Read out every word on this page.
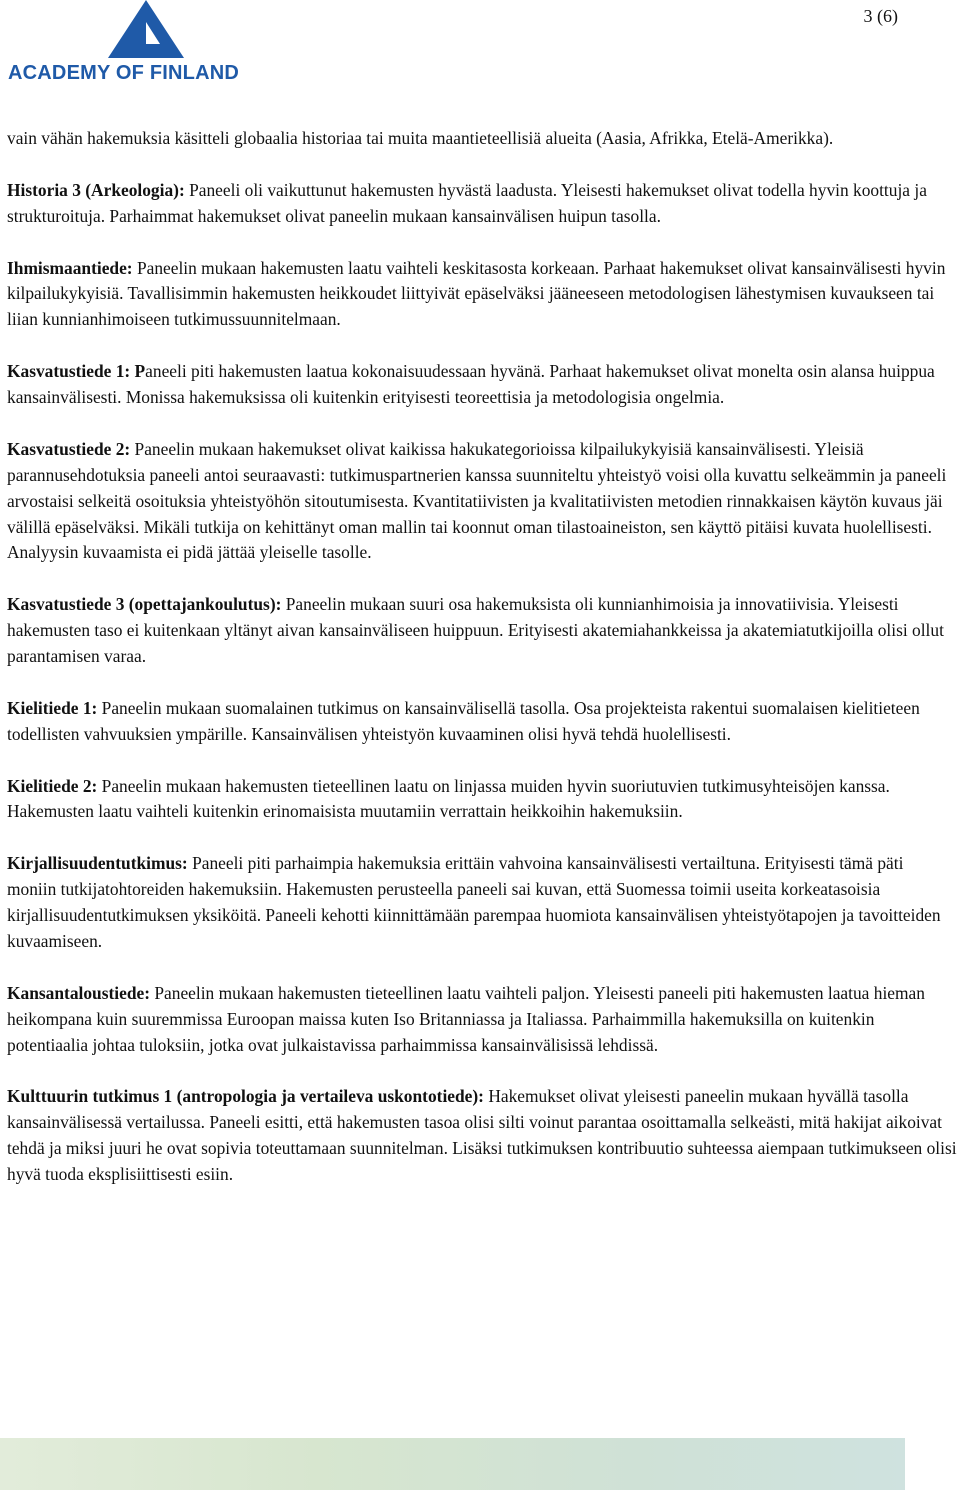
ACADEMY OF FINLAND
3 (6)

vain vähän hakemuksia käsitteli globaalia historiaa tai muita maantieteellisiä alueita (Aasia, Afrikka, Etelä-Amerikka).

Historia 3 (Arkeologia): Paneeli oli vaikuttunut hakemusten hyvästä laadusta. Yleisesti hakemukset olivat todella hyvin koottuja ja strukturoituja. Parhaimmat hakemukset olivat paneelin mukaan kansainvälisen huipun tasolla.

Ihmismaantiede: Paneelin mukaan hakemusten laatu vaihteli keskitasosta korkeaan. Parhaat hakemukset olivat kansainvälisesti hyvin kilpailukykyisiä. Tavallisimmin hakemusten heikkoudet liittyivät epäselväksi jääneeseen metodologisen lähestymisen kuvaukseen tai liian kunnianhimoiseen tutkimussuunnitelmaan.

Kasvatustiede 1: Paneeli piti hakemusten laatua kokonaisuudessaan hyvänä. Parhaat hakemukset olivat monelta osin alansa huippua kansainvälisesti. Monissa hakemuksissa oli kuitenkin erityisesti teoreettisia ja metodologisia ongelmia.

Kasvatustiede 2: Paneelin mukaan hakemukset olivat kaikissa hakukategorioissa kilpailukykyisiä kansainvälisesti. Yleisiä parannusehdotuksia paneeli antoi seuraavasti: tutkimuspartnerien kanssa suunniteltu yhteistyö voisi olla kuvattu selkeämmin ja paneeli arvostaisi selkeitä osoituksia yhteistyöhön sitoutumisesta. Kvantitatiivisten ja kvalitatiivisten metodien rinnakkaisen käytön kuvaus jäi välillä epäselväksi. Mikäli tutkija on kehittänyt oman mallin tai koonnut oman tilastoaineiston, sen käyttö pitäisi kuvata huolellisesti. Analyysin kuvaamista ei pidä jättää yleiselle tasolle.

Kasvatustiede 3 (opettajankoulutus): Paneelin mukaan suuri osa hakemuksista oli kunnianhimoisia ja innovatiivisia. Yleisesti hakemusten taso ei kuitenkaan yltänyt aivan kansainväliseen huippuun. Erityisesti akatemiahankkeissa ja akatemiatutkijoilla olisi ollut parantamisen varaa.

Kielitiede 1: Paneelin mukaan suomalainen tutkimus on kansainvälisellä tasolla. Osa projekteista rakentui suomalaisen kielitieteen todellisten vahvuuksien ympärille. Kansainvälisen yhteistyön kuvaaminen olisi hyvä tehdä huolellisesti.

Kielitiede 2: Paneelin mukaan hakemusten tieteellinen laatu on linjassa muiden hyvin suoriutuvien tutkimusyhteisöjen kanssa. Hakemusten laatu vaihteli kuitenkin erinomaisista muutamiin verrattain heikkoihin hakemuksiin.

Kirjallisuudentutkimus: Paneeli piti parhaimpia hakemuksia erittäin vahvoina kansainvälisesti vertailtuna. Erityisesti tämä päti moniin tutkijatohtoreiden hakemuksiin. Hakemusten perusteella paneeli sai kuvan, että Suomessa toimii useita korkeatasoisia kirjallisuudentutkimuksen yksiköitä. Paneeli kehotti kiinnittämään parempaa huomiota kansainvälisen yhteistyötapojen ja tavoitteiden kuvaamiseen.

Kansantaloustiede: Paneelin mukaan hakemusten tieteellinen laatu vaihteli paljon. Yleisesti paneeli piti hakemusten laatua hieman heikompana kuin suuremmissa Euroopan maissa kuten Iso Britanniassa ja Italiassa. Parhaimmilla hakemuksilla on kuitenkin potentiaalia johtaa tuloksiin, jotka ovat julkaistavissa parhaimmissa kansainvälisissä lehdissä.

Kulttuurin tutkimus 1 (antropologia ja vertaileva uskontotiede): Hakemukset olivat yleisesti paneelin mukaan hyvällä tasolla kansainvälisessä vertailussa. Paneeli esitti, että hakemusten tasoa olisi silti voinut parantaa osoittamalla selkeästi, mitä hakijat aikoivat tehdä ja miksi juuri he ovat sopivia toteuttamaan suunnitelman. Lisäksi tutkimuksen kontribuutio suhteessa aiempaan tutkimukseen olisi hyvä tuoda eksplisiittisesti esiin.
